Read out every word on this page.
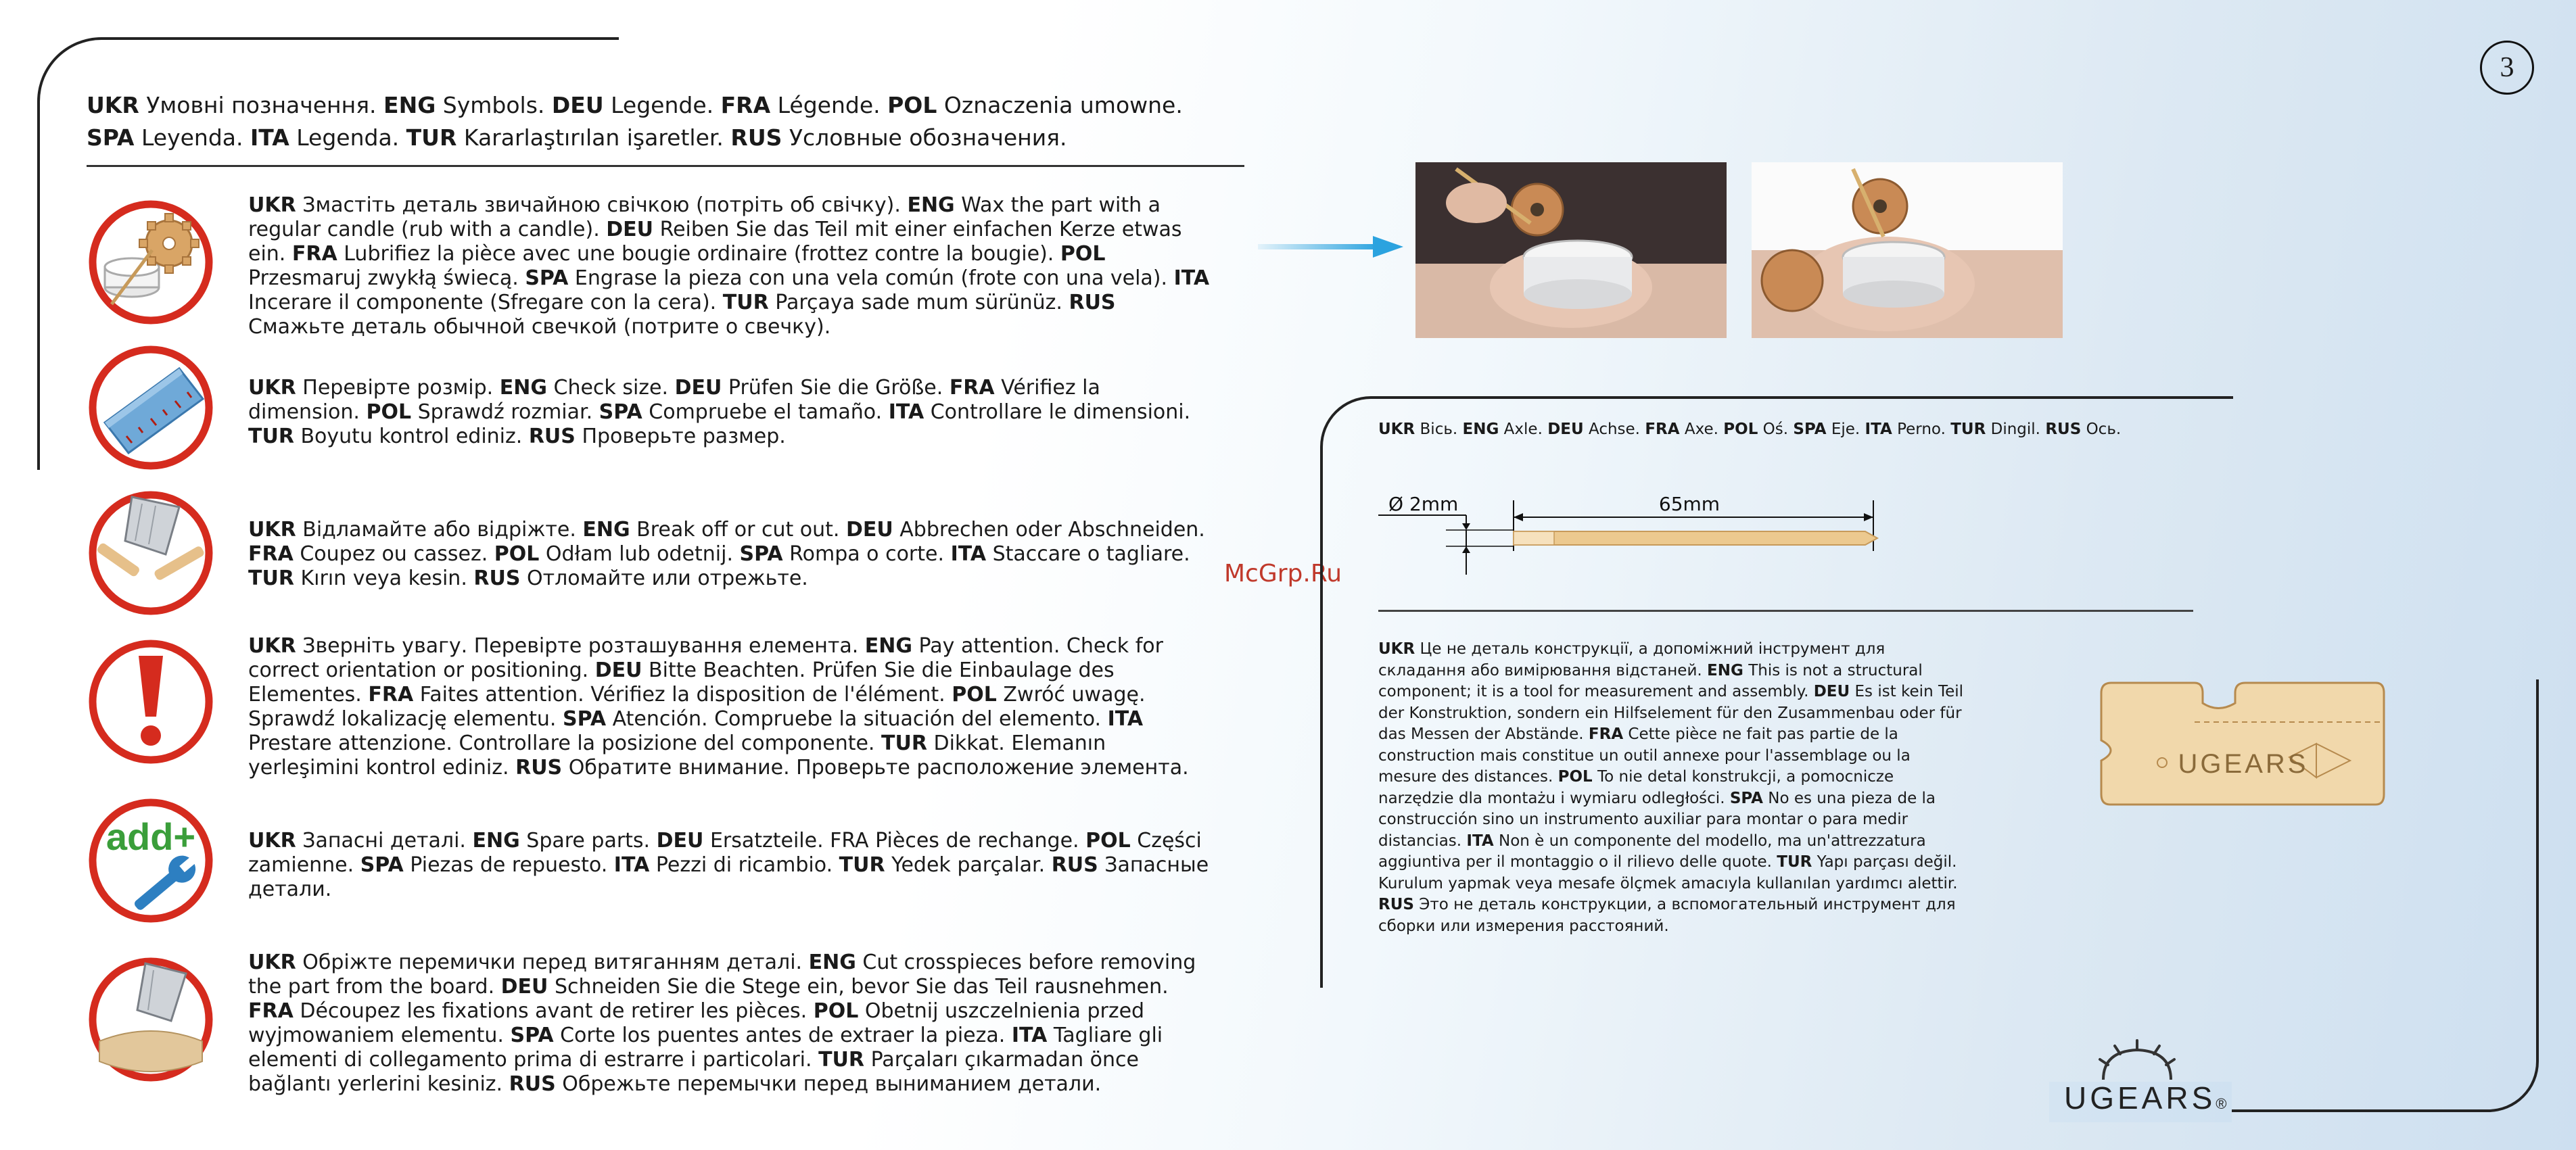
UKR Умовні позначення. ENG Symbols. DEU Legende. FRA Légende. POL Oznaczenia umowne.
SPA Leyenda. ITA Legenda. TUR Kararlaştırılan işaretler. RUS Условные обозначения.
add+
UKR Змастіть деталь звичайною свічкою (потріть об свічку). ENG Wax the part with a regular candle (rub with a candle). DEU Reiben Sie das Teil mit einer einfachen Kerze etwas ein. FRA Lubrifiez la pièce avec une bougie ordinaire (frottez contre la bougie). POL Przesmaruj zwykłą świecą. SPA Engrase la pieza con una vela común (frote con una vela). ITA Incerare il componente (Sfregare con la cera). TUR Parçaya sade mum sürünüz. RUS Смажьте деталь обычной свечкой (потрите о свечку).
UKR Перевірте розмір. ENG Check size. DEU Prüfen Sie die Größe. FRA Vérifiez la dimension. POL Sprawdź rozmiar. SPA Compruebe el tamaño. ITA Controllare le dimensioni. TUR Boyutu kontrol ediniz. RUS Проверьте размер.
UKR Відламайте або відріжте. ENG Break off or cut out. DEU Abbrechen oder Abschneiden. FRA Coupez ou cassez. POL Odłam lub odetnij. SPA Rompa o corte. ITA Staccare o tagliare. TUR Kırın veya kesin. RUS Отломайте или отрежьте.
UKR Зверніть увагу. Перевірте розташування елемента. ENG Pay attention. Check for correct orientation or positioning. DEU Bitte Beachten. Prüfen Sie die Einbaulage des Elementes. FRA Faites attention. Vérifiez la disposition de l'élément. POL Zwróć uwagę. Sprawdź lokalizację elementu. SPA Atención. Compruebe la situación del elemento. ITA Prestare attenzione. Controllare la posizione del componente. TUR Dikkat. Elemanın yerleşimini kontrol ediniz. RUS Обратите внимание. Проверьте расположение элемента.
UKR Запасні деталі. ENG Spare parts. DEU Ersatzteile. FRA Pièces de rechange. POL Części zamienne. SPA Piezas de repuesto. ITA Pezzi di ricambio. TUR Yedek parçalar. RUS Запасные детали.
UKR Обріжте перемички перед витяганням деталі. ENG Cut crosspieces before removing the part from the board. DEU Schneiden Sie die Stege ein, bevor Sie das Teil rausnehmen. FRA Découpez les fixations avant de retirer les pièces. POL Obetnij uszczelnienia przed wyjmowaniem elementu. SPA Corte los puentes antes de extraer la pieza. ITA Tagliare gli elementi di collegamento prima di estrarre i particolari. TUR Parçaları çıkarmadan önce bağlantı yerlerini kesiniz. RUS Обрежьте перемычки перед выниманием детали.
3
McGrp.Ru
UKR Вісь. ENG Axle. DEU Achse. FRA Axe. POL Oś. SPA Eje. ITA Perno. TUR Dingil. RUS Ось.
Ø 2mm	65mm
UKR Це не деталь конструкції, а допоміжний інструмент для складання або вимірювання відстаней. ENG This is not a structural component; it is a tool for measurement and assembly. DEU Es ist kein Teil der Konstruktion, sondern ein Hilfselement für den Zusammenbau oder für das Messen der Abstände. FRA Cette pièce ne fait pas partie de la construction mais constitue un outil annexe pour l'assemblage ou la mesure des distances. POL To nie detal konstrukcji, a pomocnicze narzędzie dla montażu i wymiaru odległości. SPA No es una pieza de la construcción sino un instrumento auxiliar para montar o para medir distancias. ITA Non è un componente del modello, ma un'attrezzatura aggiuntiva per il montaggio o il rilievo delle quote. TUR Yapı parçası değil. Kurulum yapmak veya mesafe ölçmek amacıyla kullanılan yardımcı alettir. RUS Это не деталь конструкции, а вспомогательный инструмент для сборки или измерения расстояний.
UGEARS
UGEARS®
